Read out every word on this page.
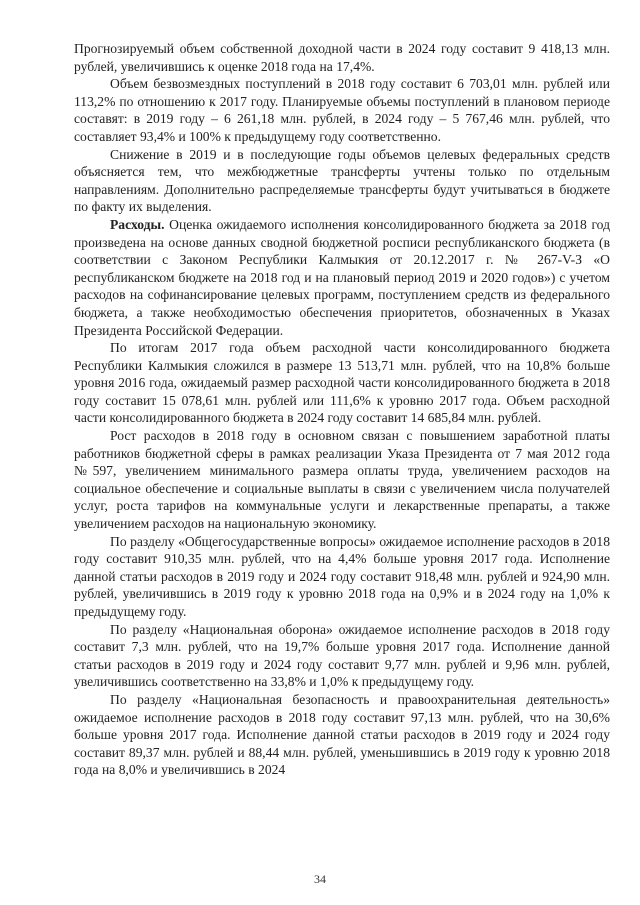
Прогнозируемый объем собственной доходной части в 2024 году составит 9 418,13 млн. рублей, увеличившись к оценке 2018 года на 17,4%.

Объем безвозмездных поступлений в 2018 году составит 6 703,01 млн. рублей или 113,2% по отношению к 2017 году. Планируемые объемы поступлений в плановом периоде составят: в 2019 году – 6 261,18 млн. рублей, в 2024 году – 5 767,46 млн. рублей, что составляет 93,4% и 100% к предыдущему году соответственно.

Снижение в 2019 и в последующие годы объемов целевых федеральных средств объясняется тем, что межбюджетные трансферты учтены только по отдельным направлениям. Дополнительно распределяемые трансферты будут учитываться в бюджете по факту их выделения.

Расходы. Оценка ожидаемого исполнения консолидированного бюджета за 2018 год произведена на основе данных сводной бюджетной росписи республиканского бюджета (в соответствии с Законом Республики Калмыкия от 20.12.2017 г. № 267-V-З «О республиканском бюджете на 2018 год и на плановый период 2019 и 2020 годов») с учетом расходов на софинансирование целевых программ, поступлением средств из федерального бюджета, а также необходимостью обеспечения приоритетов, обозначенных в Указах Президента Российской Федерации.

По итогам 2017 года объем расходной части консолидированного бюджета Республики Калмыкия сложился в размере 13 513,71 млн. рублей, что на 10,8% больше уровня 2016 года, ожидаемый размер расходной части консолидированного бюджета в 2018 году составит 15 078,61 млн. рублей или 111,6% к уровню 2017 года. Объем расходной части консолидированного бюджета в 2024 году составит 14 685,84 млн. рублей.

Рост расходов в 2018 году в основном связан с повышением заработной платы работников бюджетной сферы в рамках реализации Указа Президента от 7 мая 2012 года №597, увеличением минимального размера оплаты труда, увеличением расходов на социальное обеспечение и социальные выплаты в связи с увеличением числа получателей услуг, роста тарифов на коммунальные услуги и лекарственные препараты, а также увеличением расходов на национальную экономику.

По разделу «Общегосударственные вопросы» ожидаемое исполнение расходов в 2018 году составит 910,35 млн. рублей, что на 4,4% больше уровня 2017 года. Исполнение данной статьи расходов в 2019 году и 2024 году составит 918,48 млн. рублей и 924,90 млн. рублей, увеличившись в 2019 году к уровню 2018 года на 0,9% и в 2024 году на 1,0% к предыдущему году.

По разделу «Национальная оборона» ожидаемое исполнение расходов в 2018 году составит 7,3 млн. рублей, что на 19,7% больше уровня 2017 года. Исполнение данной статьи расходов в 2019 году и 2024 году составит 9,77 млн. рублей и 9,96 млн. рублей, увеличившись соответственно на 33,8% и 1,0% к предыдущему году.

По разделу «Национальная безопасность и правоохранительная деятельность» ожидаемое исполнение расходов в 2018 году составит 97,13 млн. рублей, что на 30,6% больше уровня 2017 года. Исполнение данной статьи расходов в 2019 году и 2024 году составит 89,37 млн. рублей и 88,44 млн. рублей, уменьшившись в 2019 году к уровню 2018 года на 8,0% и увеличившись в 2024

34
